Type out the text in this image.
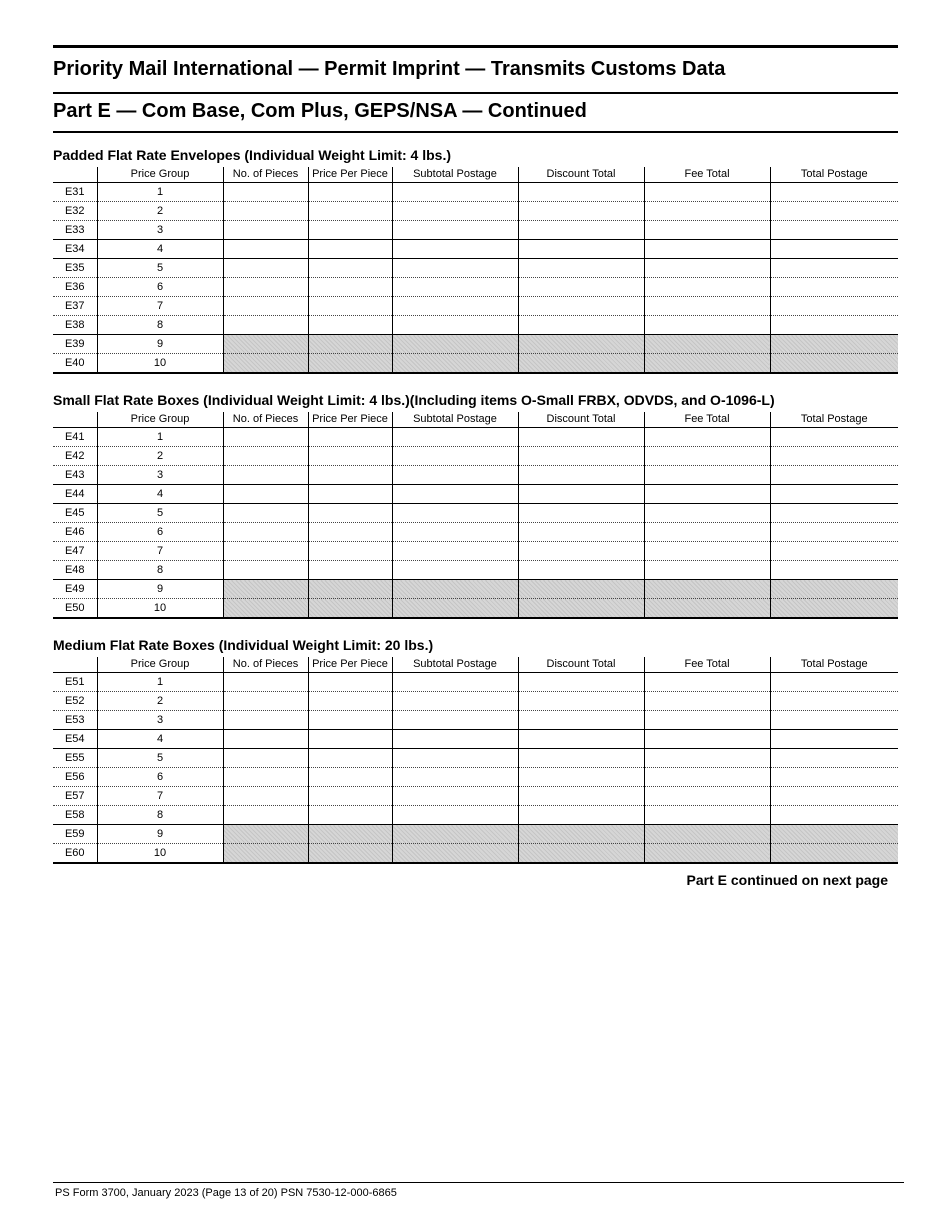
Priority Mail International — Permit Imprint — Transmits Customs Data
Part E — Com Base, Com Plus, GEPS/NSA — Continued
Padded Flat Rate Envelopes (Individual Weight Limit: 4 lbs.)
	Price Group	No. of Pieces	Price Per Piece	Subtotal Postage	Discount Total	Fee Total	Total Postage
E31	1						
E32	2						
E33	3						
E34	4						
E35	5						
E36	6						
E37	7						
E38	8						
E39	9						
E40	10						
Small Flat Rate Boxes (Individual Weight Limit: 4 lbs.)(Including items O-Small FRBX, ODVDS, and O-1096-L)
	Price Group	No. of Pieces	Price Per Piece	Subtotal Postage	Discount Total	Fee Total	Total Postage
E41	1						
E42	2						
E43	3						
E44	4						
E45	5						
E46	6						
E47	7						
E48	8						
E49	9						
E50	10						
Medium Flat Rate Boxes (Individual Weight Limit: 20 lbs.)
	Price Group	No. of Pieces	Price Per Piece	Subtotal Postage	Discount Total	Fee Total	Total Postage
E51	1						
E52	2						
E53	3						
E54	4						
E55	5						
E56	6						
E57	7						
E58	8						
E59	9						
E60	10						

Part E continued on next page

PS Form 3700, January 2023 (Page 13 of 20) PSN 7530-12-000-6865
